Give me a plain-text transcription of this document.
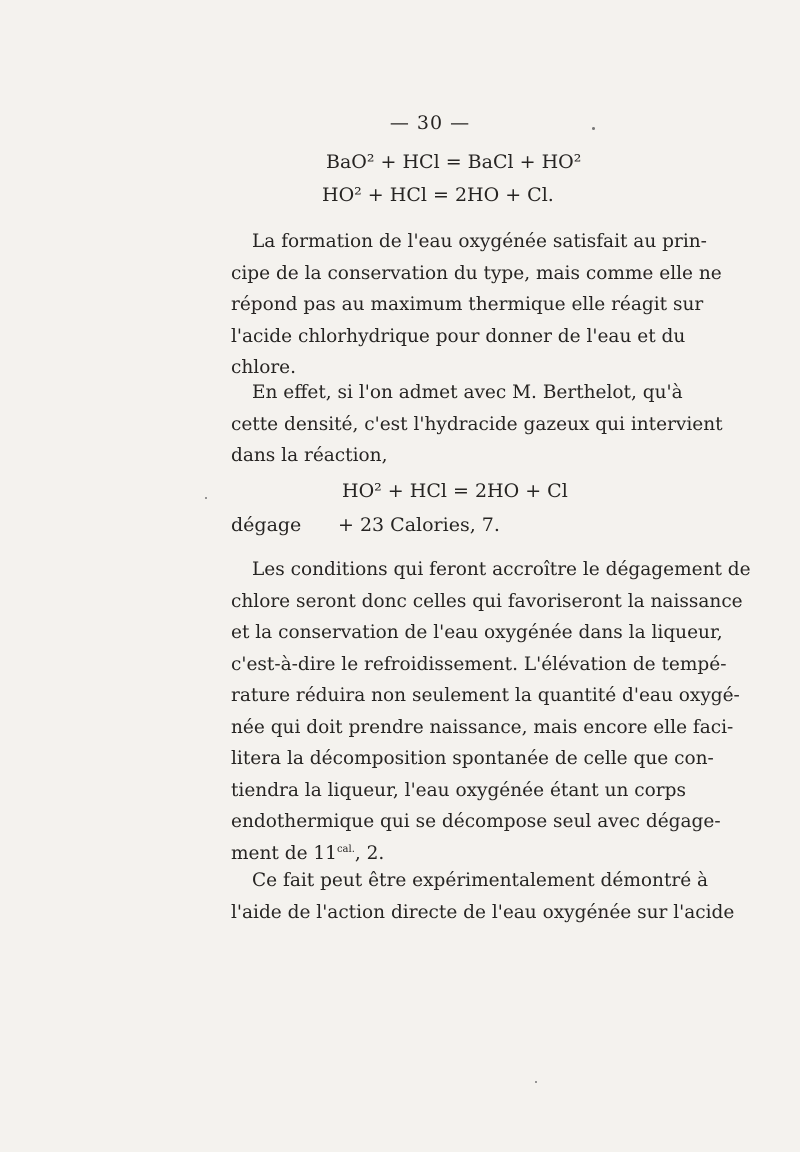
— 30 —
BaO² + HCl = BaCl + HO²
HO² + HCl = 2HO + Cl.

La formation de l'eau oxygénée satisfait au prin-
cipe de la conservation du type, mais comme elle ne
répond pas au maximum thermique elle réagit sur
l'acide chlorhydrique pour donner de l'eau et du
chlore.

En effet, si l'on admet avec M. Berthelot, qu'à
cette densité, c'est l'hydracide gazeux qui intervient
dans la réaction,

HO² + HCl = 2HO + Cl
dégage + 23 Calories, 7.

Les conditions qui feront accroître le dégagement de
chlore seront donc celles qui favoriseront la naissance
et la conservation de l'eau oxygénée dans la liqueur,
c'est-à-dire le refroidissement. L'élévation de tempé-
rature réduira non seulement la quantité d'eau oxygé-
née qui doit prendre naissance, mais encore elle faci-
litera la décomposition spontanée de celle que con-
tiendra la liqueur, l'eau oxygénée étant un corps
endothermique qui se décompose seul avec dégage-
ment de $11^{cal.}$, 2.

Ce fait peut être expérimentalement démontré à
l'aide de l'action directe de l'eau oxygénée sur l'acide
